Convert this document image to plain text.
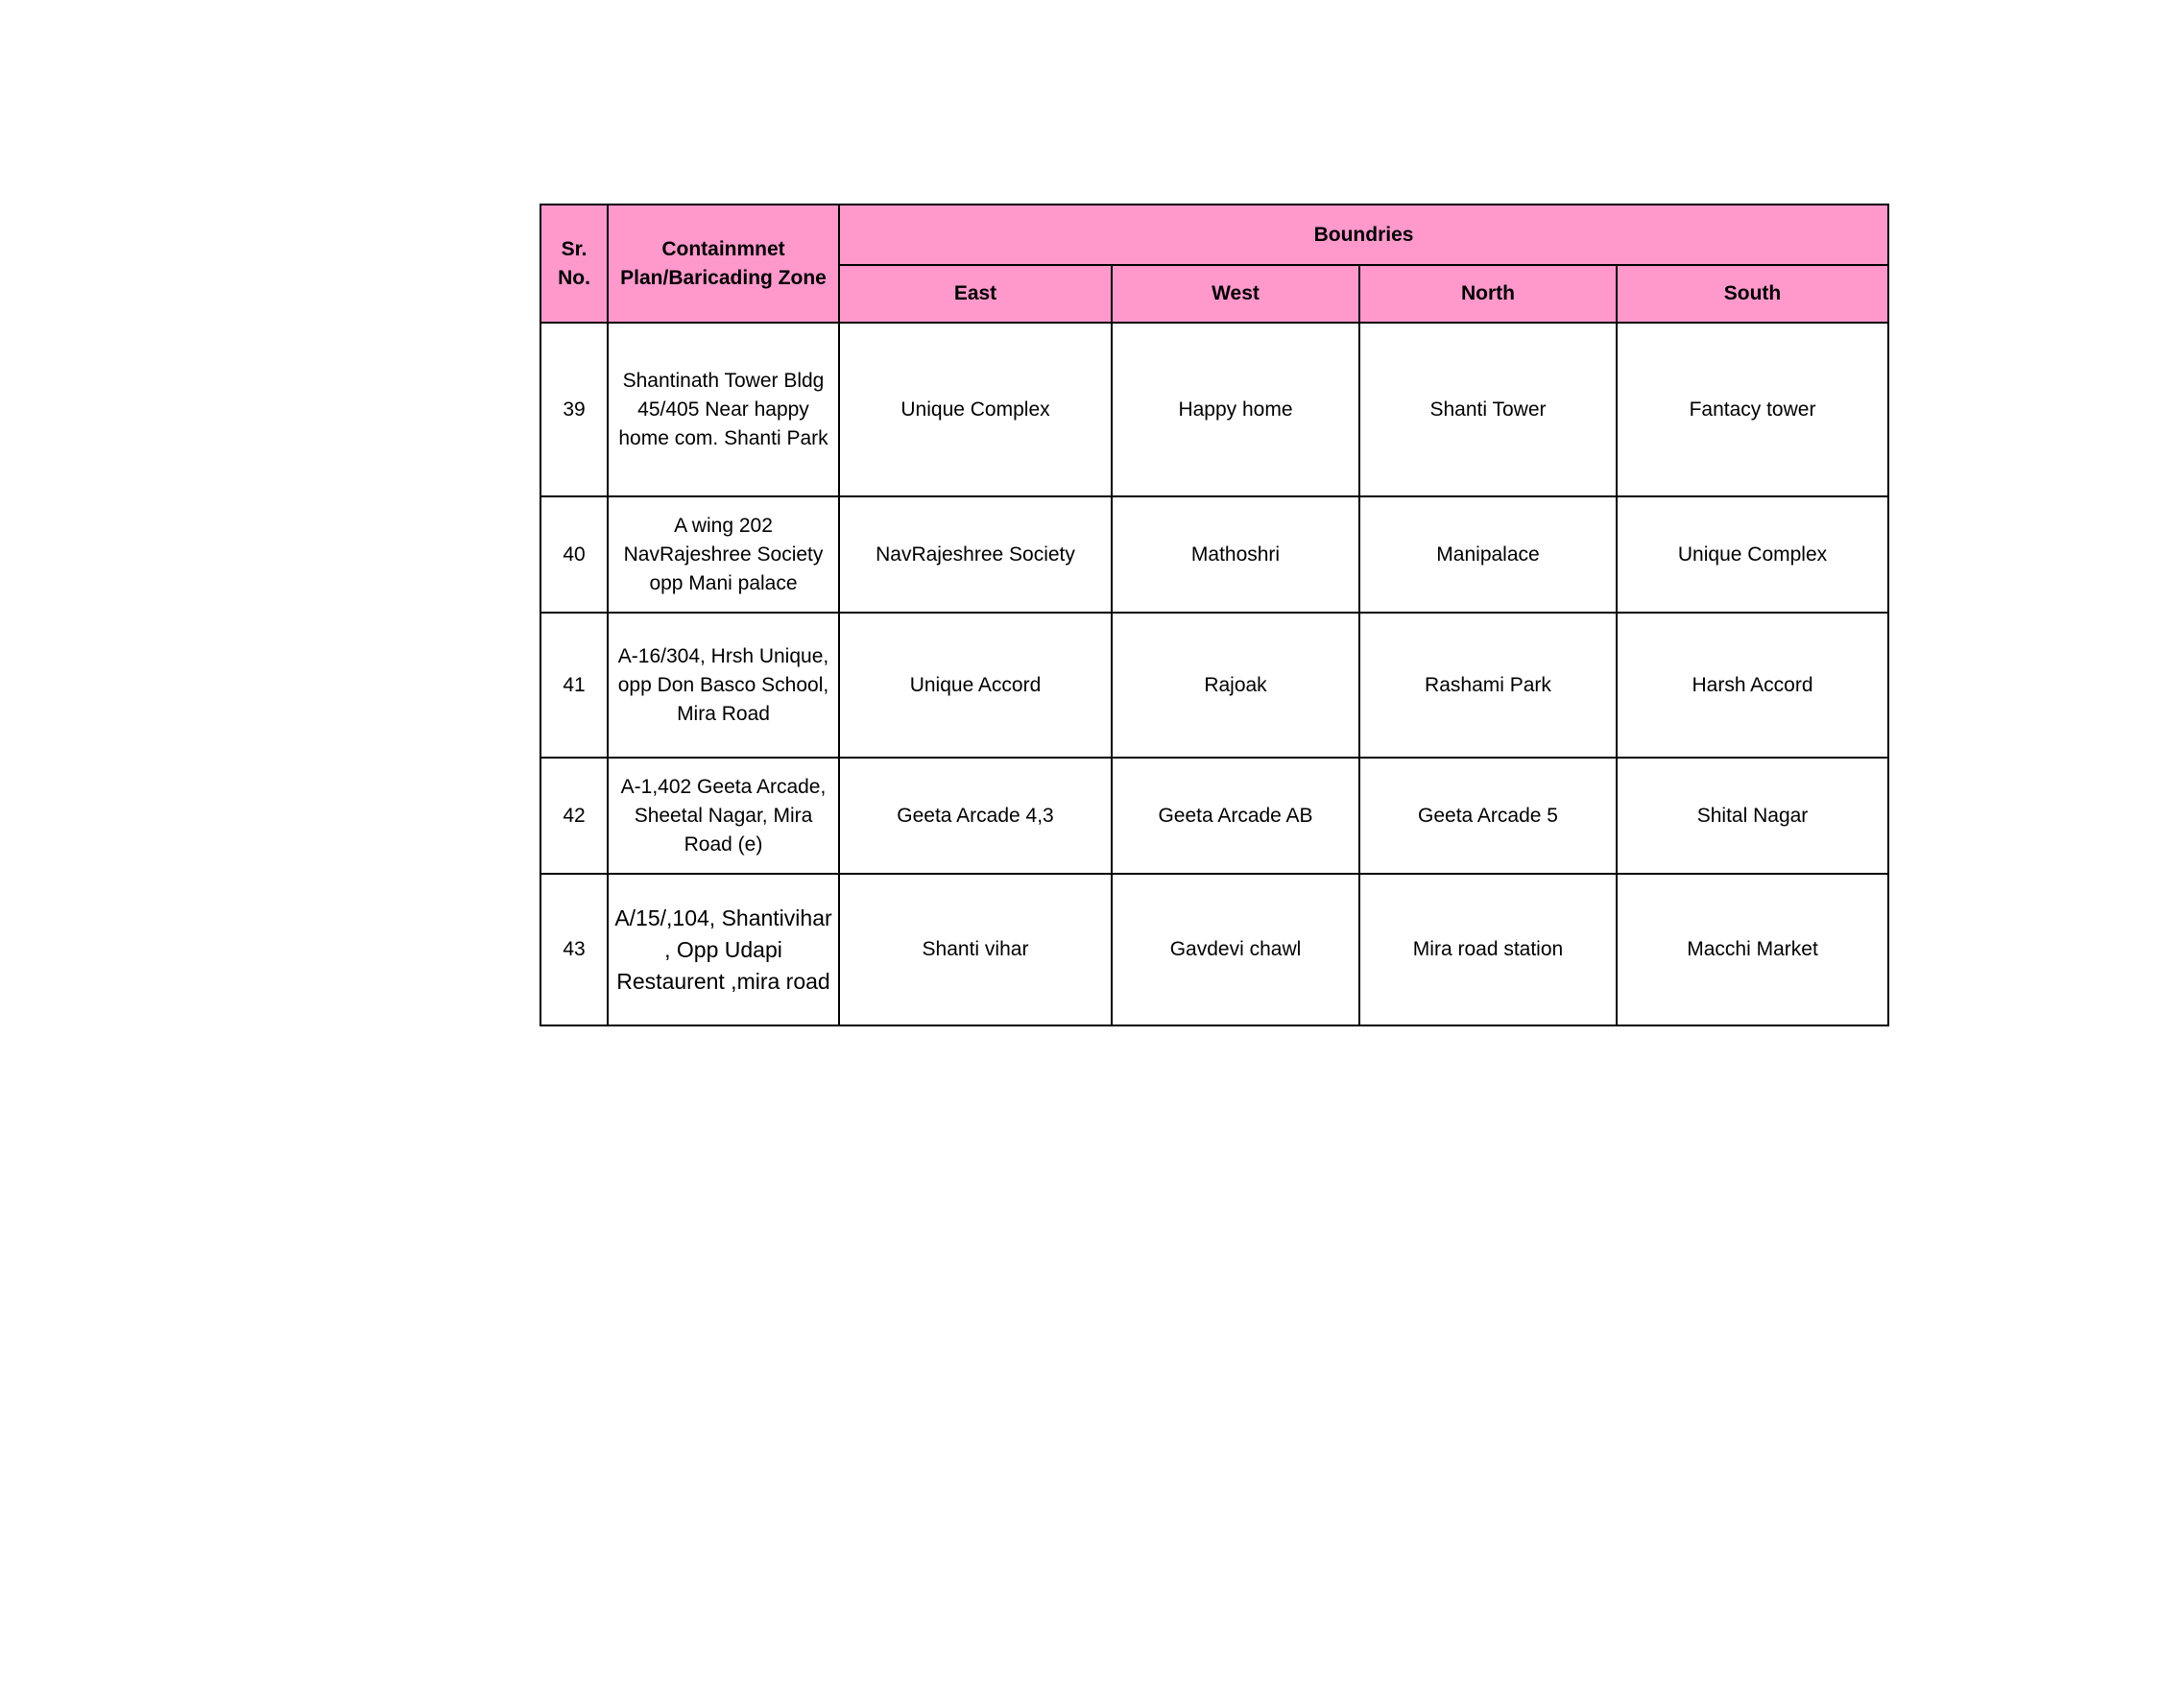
Sr. No.	Containmnet Plan/Baricading Zone	Boundries			
		East	West	North	South
39	Shantinath Tower Bldg 45/405 Near happy home com. Shanti Park	Unique Complex	Happy home	Shanti Tower	Fantacy tower
40	A wing 202 NavRajeshree Society opp Mani palace	NavRajeshree Society	Mathoshri	Manipalace	Unique Complex
41	A-16/304, Hrsh Unique, opp Don Basco School, Mira Road	Unique Accord	Rajoak	Rashami Park	Harsh Accord
42	A-1,402 Geeta Arcade, Sheetal Nagar, Mira Road (e)	Geeta Arcade 4,3	Geeta Arcade AB	Geeta Arcade 5	Shital Nagar
43	A/15/,104, Shantivihar , Opp Udapi Restaurent ,mira road	Shanti vihar	Gavdevi chawl	Mira road station	Macchi Market
